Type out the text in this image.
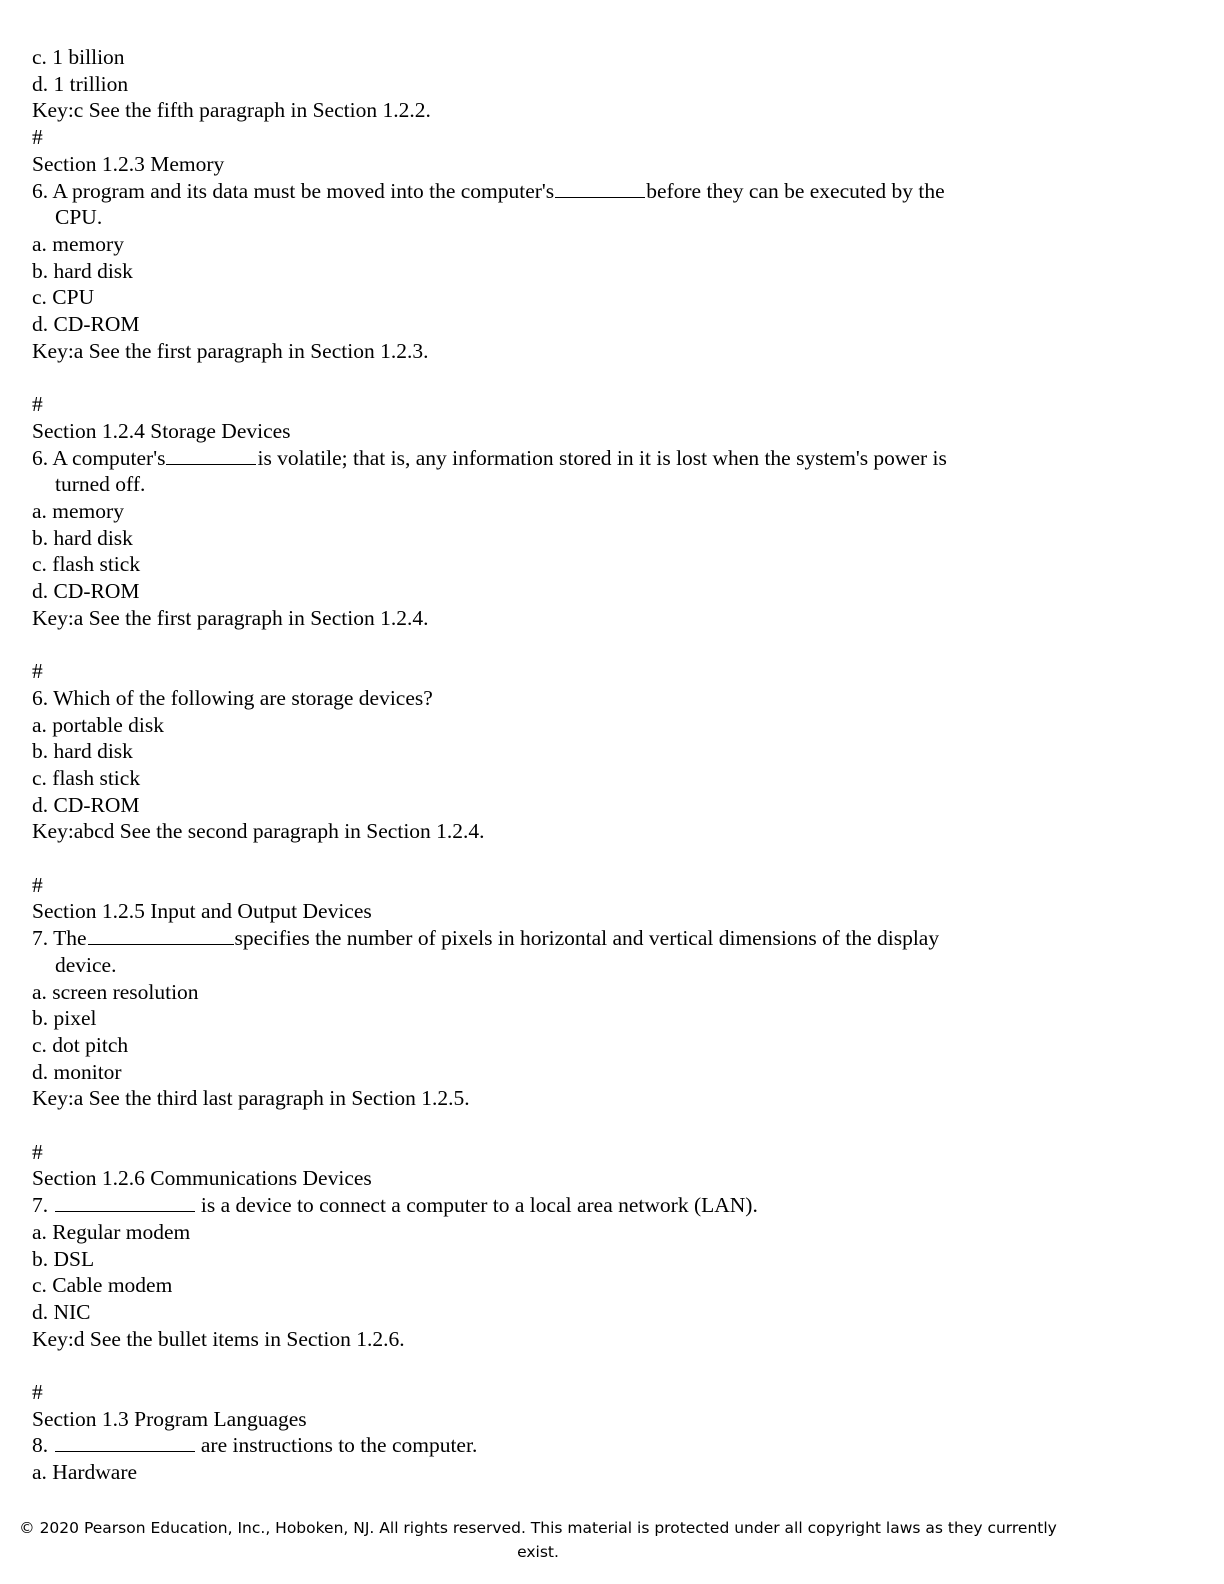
c. 1 billion
d. 1 trillion
Key:c See the fifth paragraph in Section 1.2.2.
#
Section 1.2.3 Memory
6. A program and its data must be moved into the computer's	before they can be executed by the
CPU.
a. memory
b. hard disk
c. CPU
d. CD-ROM
Key:a See the first paragraph in Section 1.2.3.
#
Section 1.2.4 Storage Devices
6. A computer's	is volatile; that is, any information stored in it is lost when the system's power is
turned off.
a. memory
b. hard disk
c. flash stick
d. CD-ROM
Key:a See the first paragraph in Section 1.2.4.
#
6. Which of the following are storage devices?
a. portable disk
b. hard disk
c. flash stick
d. CD-ROM
Key:abcd See the second paragraph in Section 1.2.4.
#
Section 1.2.5 Input and Output Devices
7. The	specifies the number of pixels in horizontal and vertical dimensions of the display
device.
a. screen resolution
b. pixel
c. dot pitch
d. monitor
Key:a See the third last paragraph in Section 1.2.5.
#
Section 1.2.6 Communications Devices
7.	is a device to connect a computer to a local area network (LAN).
a. Regular modem
b. DSL
c. Cable modem
d. NIC
Key:d See the bullet items in Section 1.2.6.
#
Section 1.3 Program Languages
8.	are instructions to the computer.
a. Hardware
© 2020 Pearson Education, Inc., Hoboken, NJ. All rights reserved. This material is protected under all copyright laws as they currently
exist.
